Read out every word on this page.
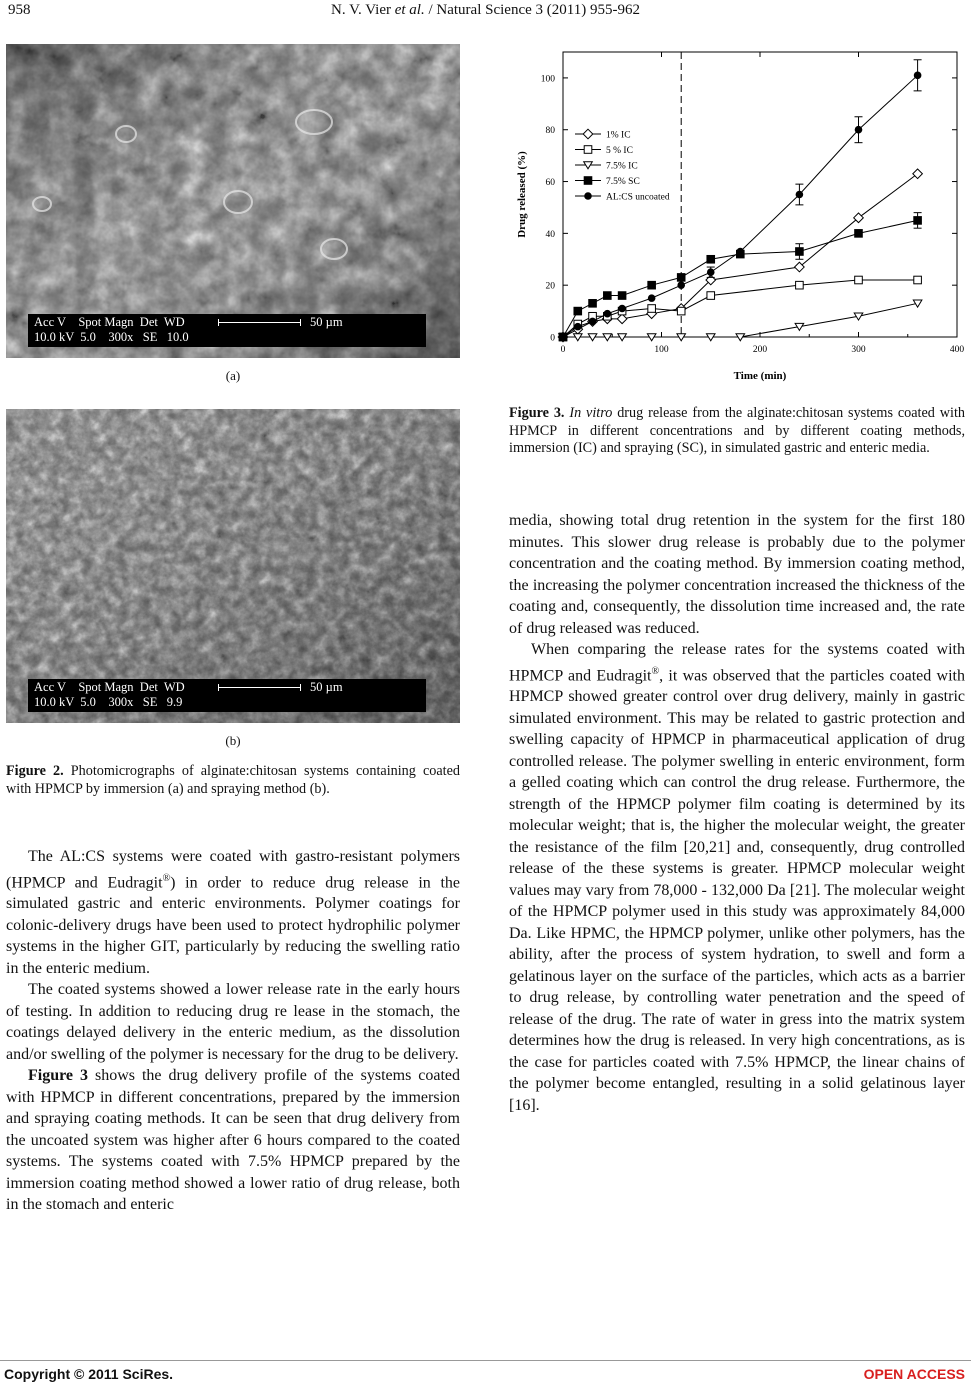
958	N. V. Vier et al. / Natural Science 3 (2011) 955-962
Acc V    Spot Magn  Det  WD
10.0 kV  5.0    300x   SE   10.0
50 µm
(a)
Acc V    Spot Magn  Det  WD
10.0 kV  5.0    300x   SE   9.9
50 µm
(b)
Figure 2. Photomicrographs of alginate:chitosan systems containing coated with HPMCP by immersion (a) and spraying method (b).

The AL:CS systems were coated with gastro-resistant polymers (HPMCP and Eudragit®) in order to reduce drug release in the simulated gastric and enteric environments. Polymer coatings for colonic-delivery drugs have been used to protect hydrophilic polymer systems in the higher GIT, particularly by reducing the swelling ratio in the enteric medium.

The coated systems showed a lower release rate in the early hours of testing. In addition to reducing drug re lease in the stomach, the coatings delayed delivery in the enteric medium, as the dissolution and/or swelling of the polymer is necessary for the drug to be delivery.

Figure 3 shows the drug delivery profile of the systems coated with HPMCP in different concentrations, prepared by the immersion and spraying coating methods. It can be seen that drug delivery from the uncoated system was higher after 6 hours compared to the coated systems. The systems coated with 7.5% HPMCP prepared by the immersion coating method showed a lower ratio of drug release, both in the stomach and enteric

0
20
40
60
80
100
0	100	200	300	400
Time (min)
Drug released (%)
1% IC
5 % IC
7.5% IC
7.5% SC
AL:CS uncoated
Figure 3. In vitro drug release from the alginate:chitosan systems coated with HPMCP in different concentrations and by different coating methods, immersion (IC) and spraying (SC), in simulated gastric and enteric media.

media, showing total drug retention in the system for the first 180 minutes. This slower drug release is probably due to the polymer concentration and the coating method. By immersion coating method, the increasing the polymer concentration increased the thickness of the coating and, consequently, the dissolution time increased and, the rate of drug released was reduced.

When comparing the release rates for the systems coated with HPMCP and Eudragit®, it was observed that the particles coated with HPMCP showed greater control over drug delivery, mainly in gastric simulated environment. This may be related to gastric protection and swelling capacity of HPMCP in pharmaceutical application of drug controlled release. The polymer swelling in enteric environment, form a gelled coating which can control the drug release. Furthermore, the strength of the HPMCP polymer film coating is determined by its molecular weight; that is, the higher the molecular weight, the greater the resistance of the film [20,21] and, consequently, drug controlled release of the these systems is greater. HPMCP molecular weight values may vary from 78,000 - 132,000 Da [21]. The molecular weight of the HPMCP polymer used in this study was approximately 84,000 Da. Like HPMC, the HPMCP polymer, unlike other polymers, has the ability, after the process of system hydration, to swell and form a gelatinous layer on the surface of the particles, which acts as a barrier to drug release, by controlling water penetration and the speed of release of the drug. The rate of water in gress into the matrix system determines how the drug is released. In very high concentrations, as is the case for particles coated with 7.5% HPMCP, the linear chains of the polymer become entangled, resulting in a solid gelatinous layer [16].

Copyright © 2011 SciRes.	OPEN ACCESS
